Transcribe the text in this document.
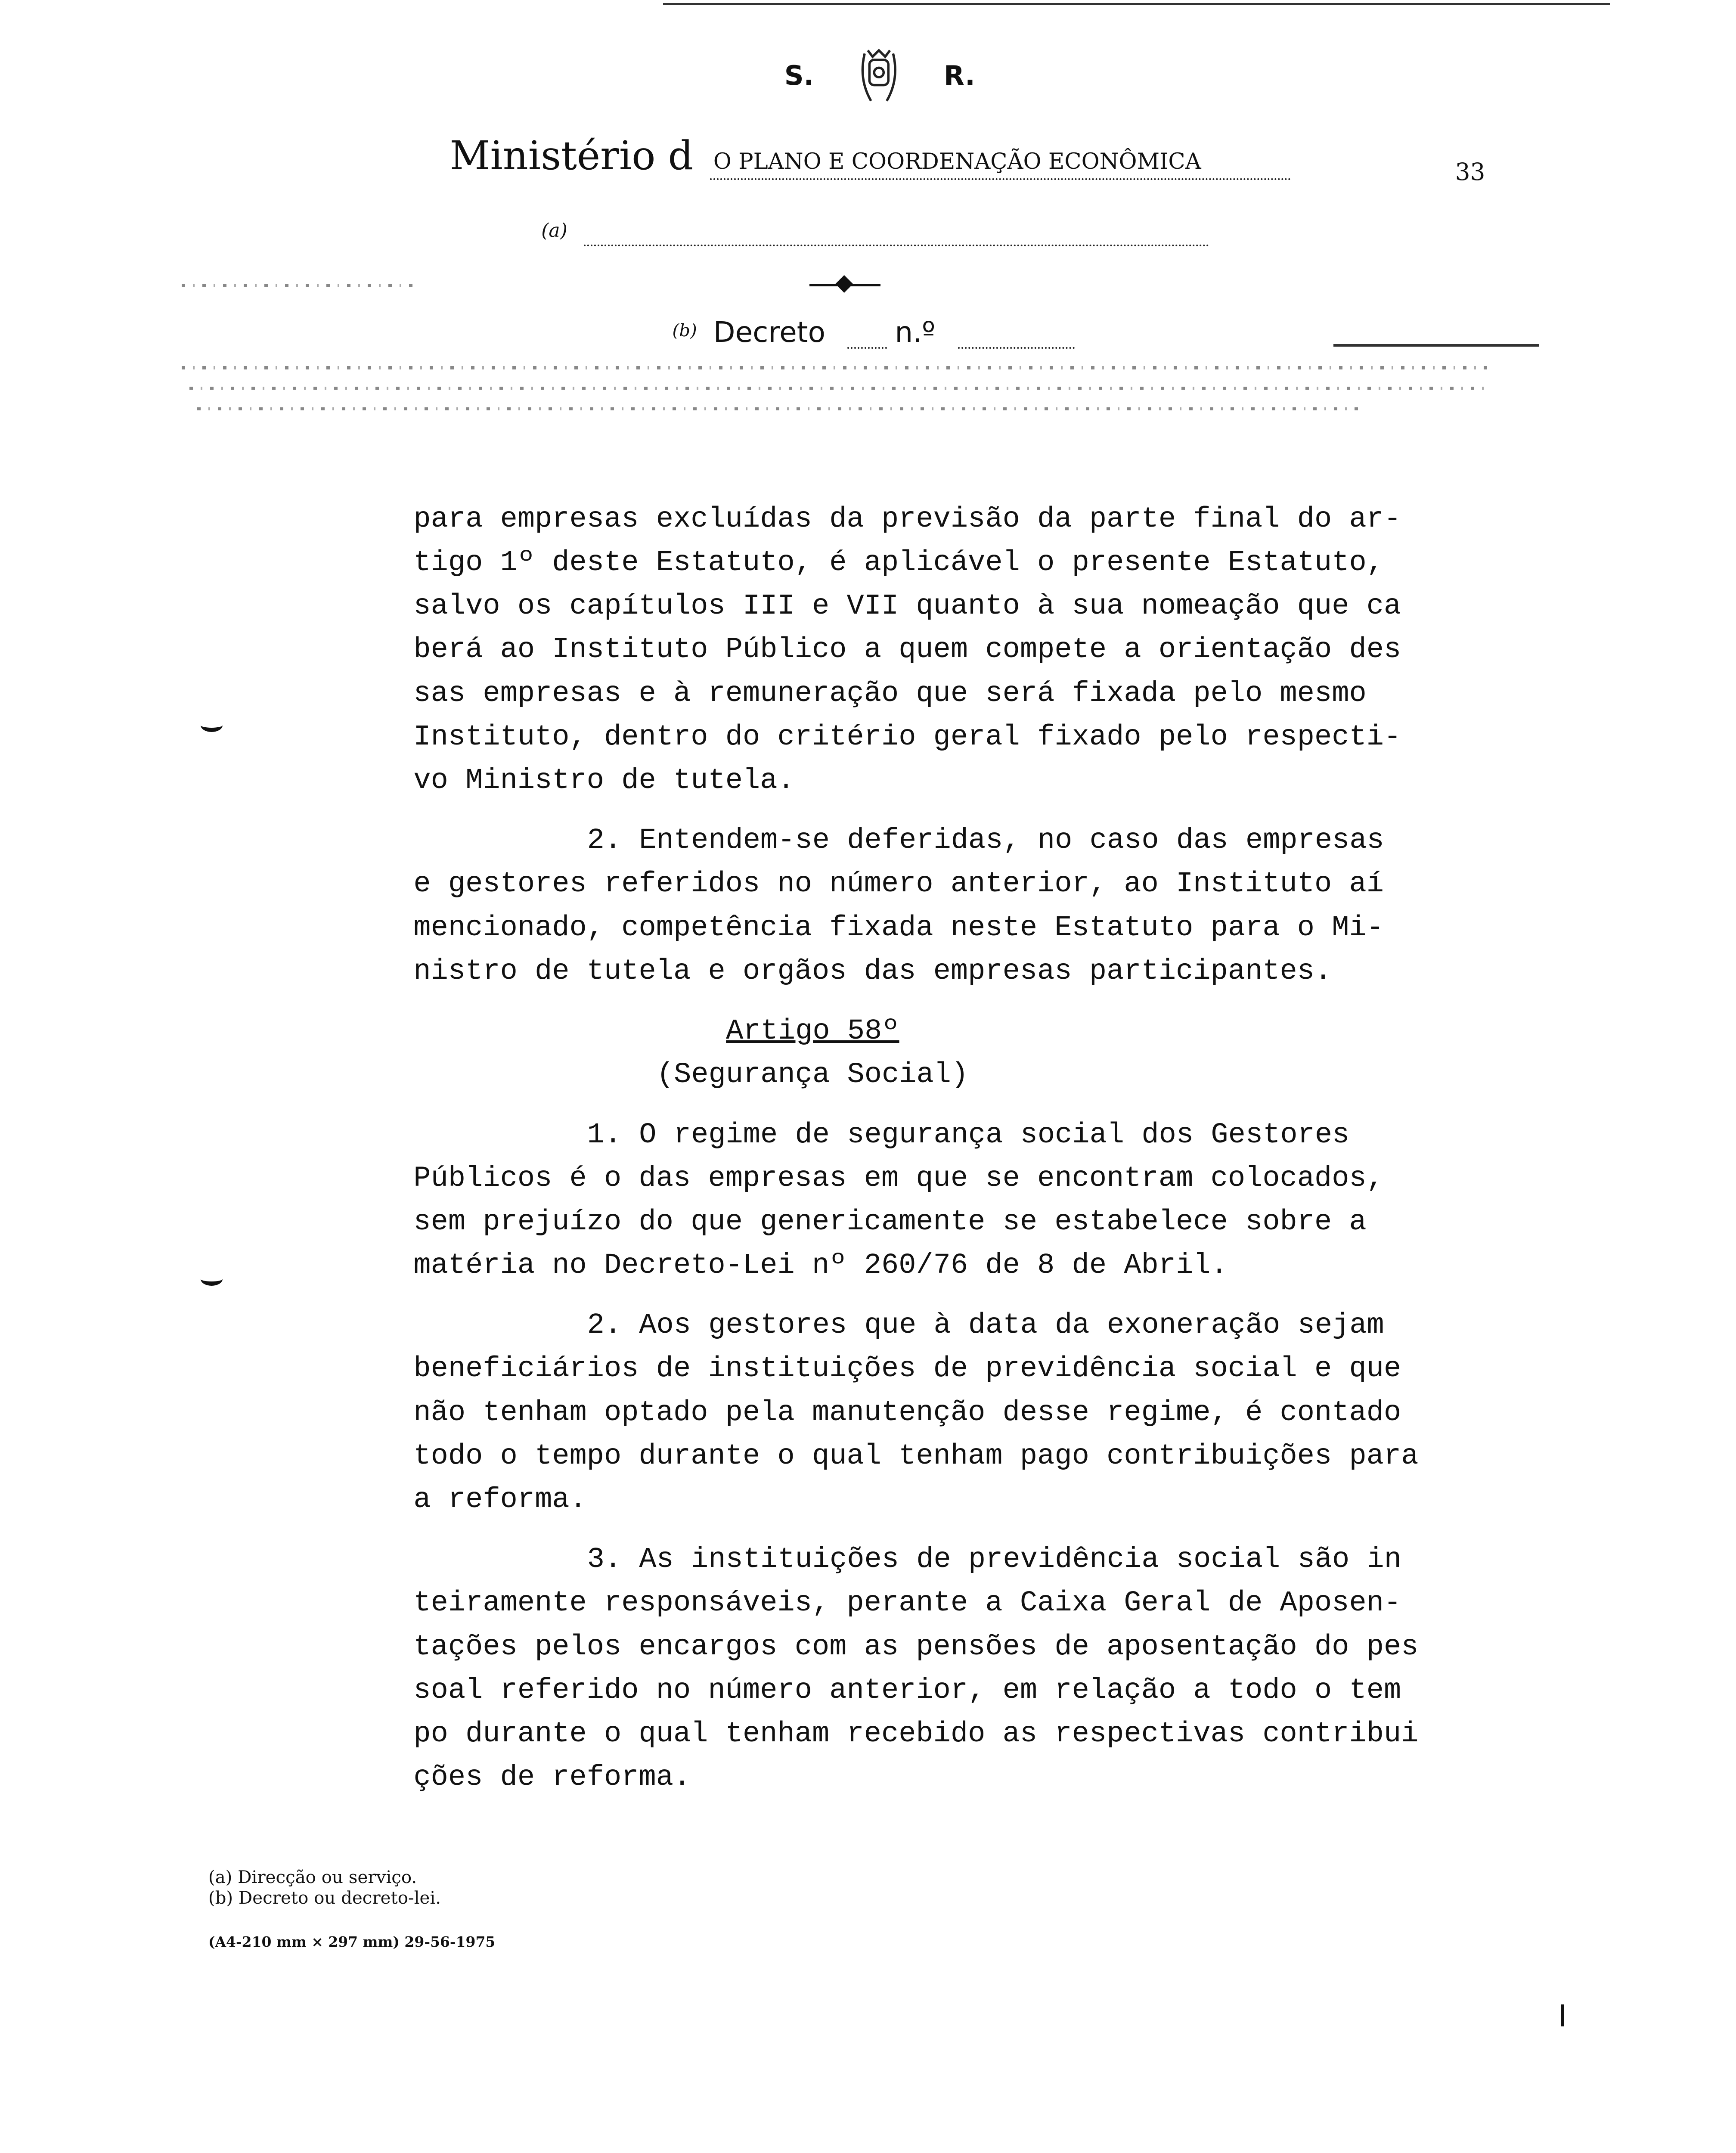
S.	R.
Ministério d O PLANO E COORDENAÇÃO ECONÔMICA	33
(a)
(b) Decreto n.º
para empresas excluídas da previsão da parte final do ar-
tigo 1º deste Estatuto, é aplicável o presente Estatuto,
salvo os capítulos III e VII quanto à sua nomeação que ca
berá ao Instituto Público a quem compete a orientação des
sas empresas e à remuneração que será fixada pelo mesmo
Instituto, dentro do critério geral fixado pelo respecti-
vo Ministro de tutela.
2. Entendem-se deferidas, no caso das empresas
e gestores referidos no número anterior, ao Instituto aí
mencionado, competência fixada neste Estatuto para o Mi-
nistro de tutela e orgãos das empresas participantes.
Artigo 58º
(Segurança Social)
1. O regime de segurança social dos Gestores
Públicos é o das empresas em que se encontram colocados,
sem prejuízo do que genericamente se estabelece sobre a
matéria no Decreto-Lei nº 260/76 de 8 de Abril.
2. Aos gestores que à data da exoneração sejam
beneficiários de instituições de previdência social e que
não tenham optado pela manutenção desse regime, é contado
todo o tempo durante o qual tenham pago contribuições para
a reforma.
3. As instituições de previdência social são in
teiramente responsáveis, perante a Caixa Geral de Aposen-
tações pelos encargos com as pensões de aposentação do pes
soal referido no número anterior, em relação a todo o tem
po durante o qual tenham recebido as respectivas contribui
ções de reforma.
(a) Direcção ou serviço.
(b) Decreto ou decreto-lei.
(A4-210 mm × 297 mm) 29-56-1975
